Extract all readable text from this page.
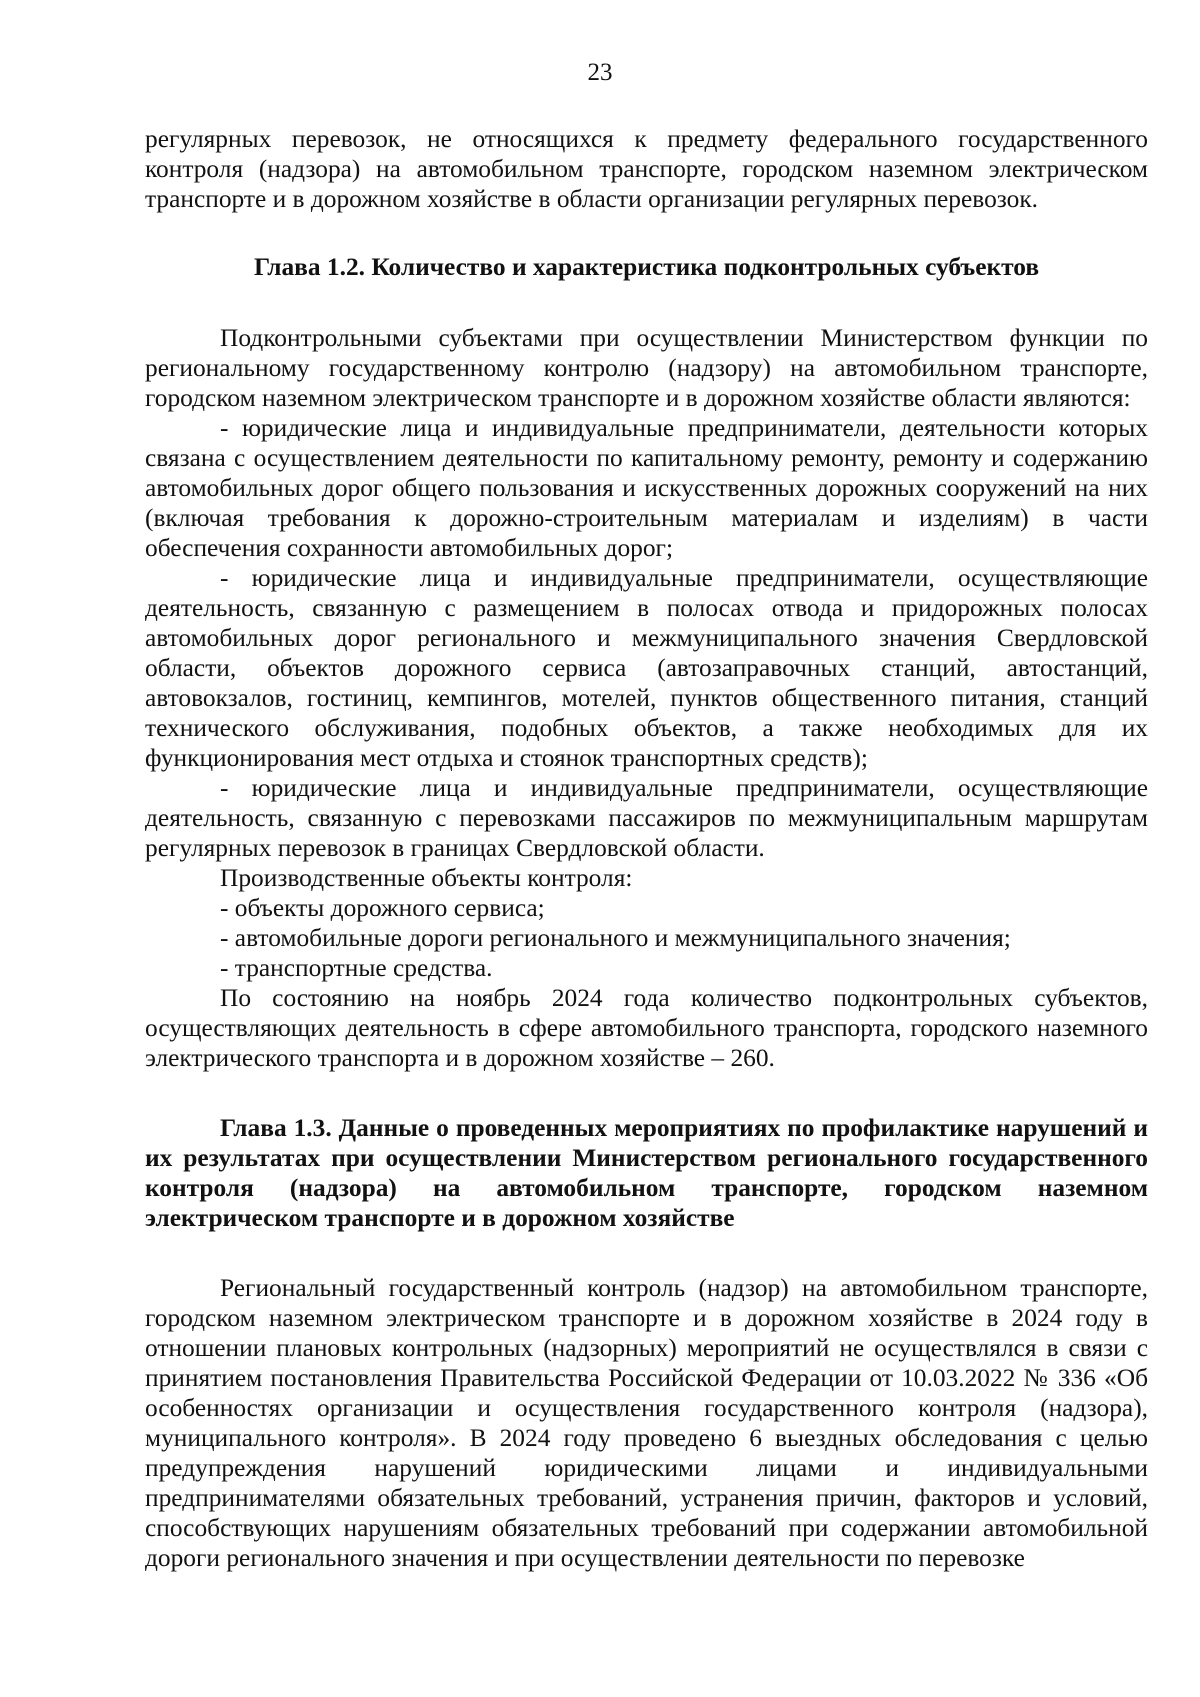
23

регулярных перевозок, не относящихся к предмету федерального государственного контроля (надзора) на автомобильном транспорте, городском наземном электрическом транспорте и в дорожном хозяйстве в области организации регулярных перевозок.

Глава 1.2. Количество и характеристика подконтрольных субъектов

Подконтрольными субъектами при осуществлении Министерством функции по региональному государственному контролю (надзору) на автомобильном транспорте, городском наземном электрическом транспорте и в дорожном хозяйстве области являются:

- юридические лица и индивидуальные предприниматели, деятельности которых связана с осуществлением деятельности по капитальному ремонту, ремонту и содержанию автомобильных дорог общего пользования и искусственных дорожных сооружений на них (включая требования к дорожно-строительным материалам и изделиям) в части обеспечения сохранности автомобильных дорог;

- юридические лица и индивидуальные предприниматели, осуществляющие деятельность, связанную с размещением в полосах отвода и придорожных полосах автомобильных дорог регионального и межмуниципального значения Свердловской области, объектов дорожного сервиса (автозаправочных станций, автостанций, автовокзалов, гостиниц, кемпингов, мотелей, пунктов общественного питания, станций технического обслуживания, подобных объектов, а также необходимых для их функционирования мест отдыха и стоянок транспортных средств);

- юридические лица и индивидуальные предприниматели, осуществляющие деятельность, связанную с перевозками пассажиров по межмуниципальным маршрутам регулярных перевозок в границах Свердловской области.

Производственные объекты контроля:

- объекты дорожного сервиса;

- автомобильные дороги регионального и межмуниципального значения;

- транспортные средства.

По состоянию на ноябрь 2024 года количество подконтрольных субъектов, осуществляющих деятельность в сфере автомобильного транспорта, городского наземного электрического транспорта и в дорожном хозяйстве – 260.

Глава 1.3. Данные о проведенных мероприятиях по профилактике нарушений и их результатах при осуществлении Министерством регионального государственного контроля (надзора) на автомобильном транспорте, городском наземном электрическом транспорте и в дорожном хозяйстве

Региональный государственный контроль (надзор) на автомобильном транспорте, городском наземном электрическом транспорте и в дорожном хозяйстве в 2024 году в отношении плановых контрольных (надзорных) мероприятий не осуществлялся в связи с принятием постановления Правительства Российской Федерации от 10.03.2022 № 336 «Об особенностях организации и осуществления государственного контроля (надзора), муниципального контроля». В 2024 году проведено 6 выездных обследования с целью предупреждения нарушений юридическими лицами и индивидуальными предпринимателями обязательных требований, устранения причин, факторов и условий, способствующих нарушениям обязательных требований при содержании автомобильной дороги регионального значения и при осуществлении деятельности по перевозке
